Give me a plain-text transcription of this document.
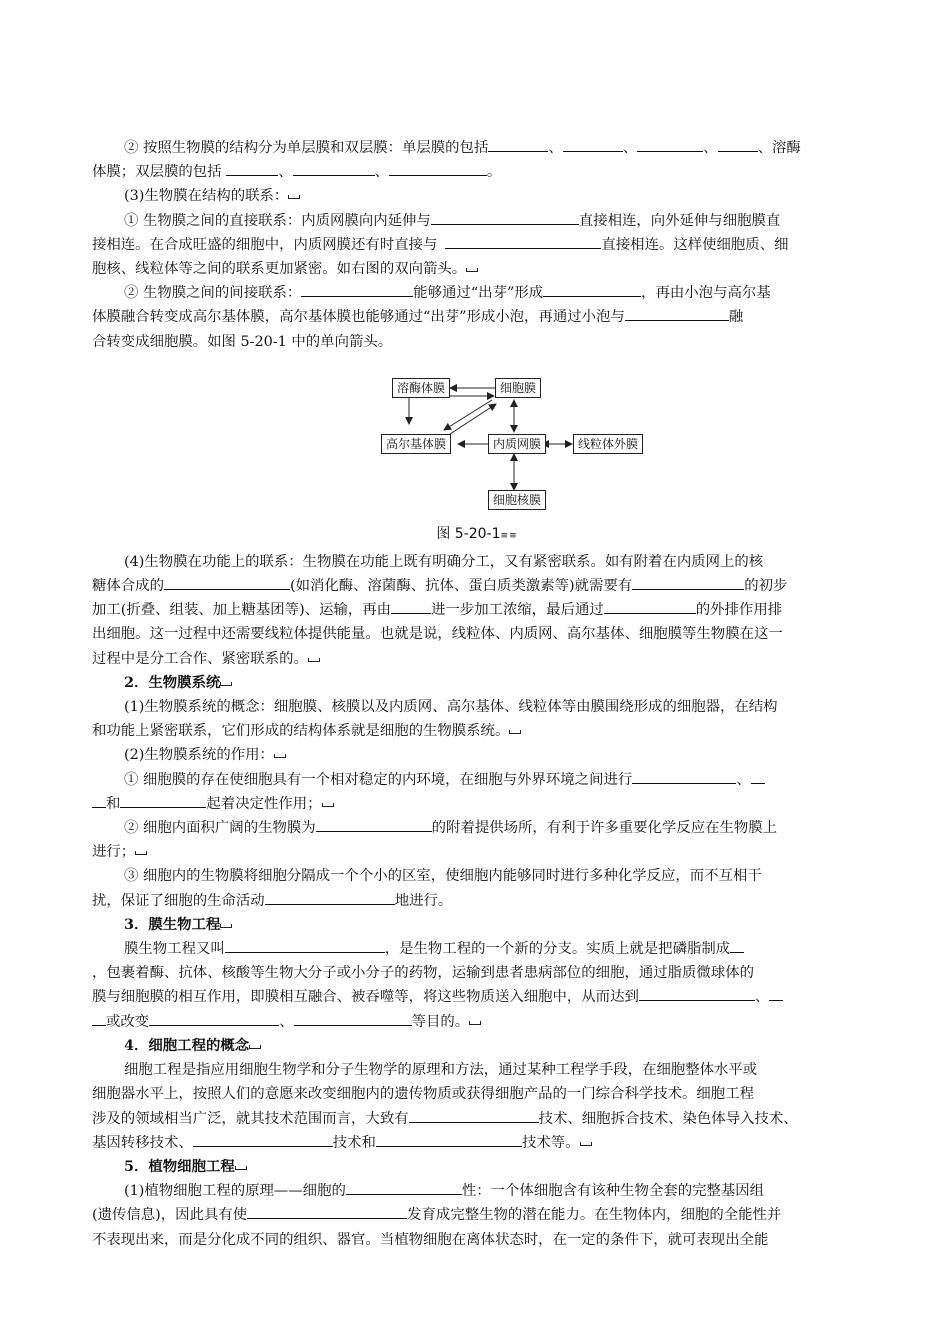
② 按照生物膜的结构分为单层膜和双层膜：单层膜的包括	、	、	、	、溶酶

体膜；双层膜的包括	、	、	。

(3)生物膜在结构的联系：

① 生物膜之间的直接联系：内质网膜向内延伸与	直接相连，向外延伸与细胞膜直

接相连。在合成旺盛的细胞中，内质网膜还有时直接与	直接相连。这样使细胞质、细

胞核、线粒体等之间的联系更加紧密。如右图的双向箭头。

② 生物膜之间的间接联系：	能够通过“出芽”形成	，再由小泡与高尔基

体膜融合转变成高尔基体膜，高尔基体膜也能够通过“出芽”形成小泡，再通过小泡与	融

合转变成细胞膜。如图 5-20-1 中的单向箭头。

溶酶体膜	细胞膜
高尔基体膜	内质网膜	线粒体外膜
细胞核膜
图 5-20-1≡≡

(4)生物膜在功能上的联系：生物膜在功能上既有明确分工，又有紧密联系。如有附着在内质网上的核

糖体合成的	(如消化酶、溶菌酶、抗体、蛋白质类激素等)就需要有	的初步

加工(折叠、组装、加上糖基团等)、运输，再由	进一步加工浓缩，最后通过	的外排作用排

出细胞。这一过程中还需要线粒体提供能量。也就是说，线粒体、内质网、高尔基体、细胞膜等生物膜在这一

过程中是分工合作、紧密联系的。

2．生物膜系统

(1)生物膜系统的概念：细胞膜、核膜以及内质网、高尔基体、线粒体等由膜围绕形成的细胞器，在结构

和功能上紧密联系，它们形成的结构体系就是细胞的生物膜系统。

(2)生物膜系统的作用：

① 细胞膜的存在使细胞具有一个相对稳定的内环境，在细胞与外界环境之间进行	、

和	起着决定性作用；

② 细胞内面积广阔的生物膜为	的附着提供场所，有利于许多重要化学反应在生物膜上

进行；

③ 细胞内的生物膜将细胞分隔成一个个小的区室，使细胞内能够同时进行多种化学反应，而不互相干

扰，保证了细胞的生命活动	地进行。

3．膜生物工程

膜生物工程又叫	，是生物工程的一个新的分支。实质上就是把磷脂制成

，包裹着酶、抗体、核酸等生物大分子或小分子的药物，运输到患者患病部位的细胞，通过脂质微球体的

膜与细胞膜的相互作用，即膜相互融合、被吞噬等，将这些物质送入细胞中，从而达到	、

或改变	、	等目的。

4．细胞工程的概念

细胞工程是指应用细胞生物学和分子生物学的原理和方法，通过某种工程学手段，在细胞整体水平或

细胞器水平上，按照人们的意愿来改变细胞内的遗传物质或获得细胞产品的一门综合科学技术。细胞工程

涉及的领域相当广泛，就其技术范围而言，大致有	技术、细胞拆合技术、染色体导入技术、

基因转移技术、	技术和	技术等。

5．植物细胞工程

(1)植物细胞工程的原理——细胞的	性：一个体细胞含有该种生物全套的完整基因组

(遗传信息)，因此具有使	发育成完整生物的潜在能力。在生物体内，细胞的全能性并

不表现出来，而是分化成不同的组织、器官。当植物细胞在离体状态时，在一定的条件下，就可表现出全能
